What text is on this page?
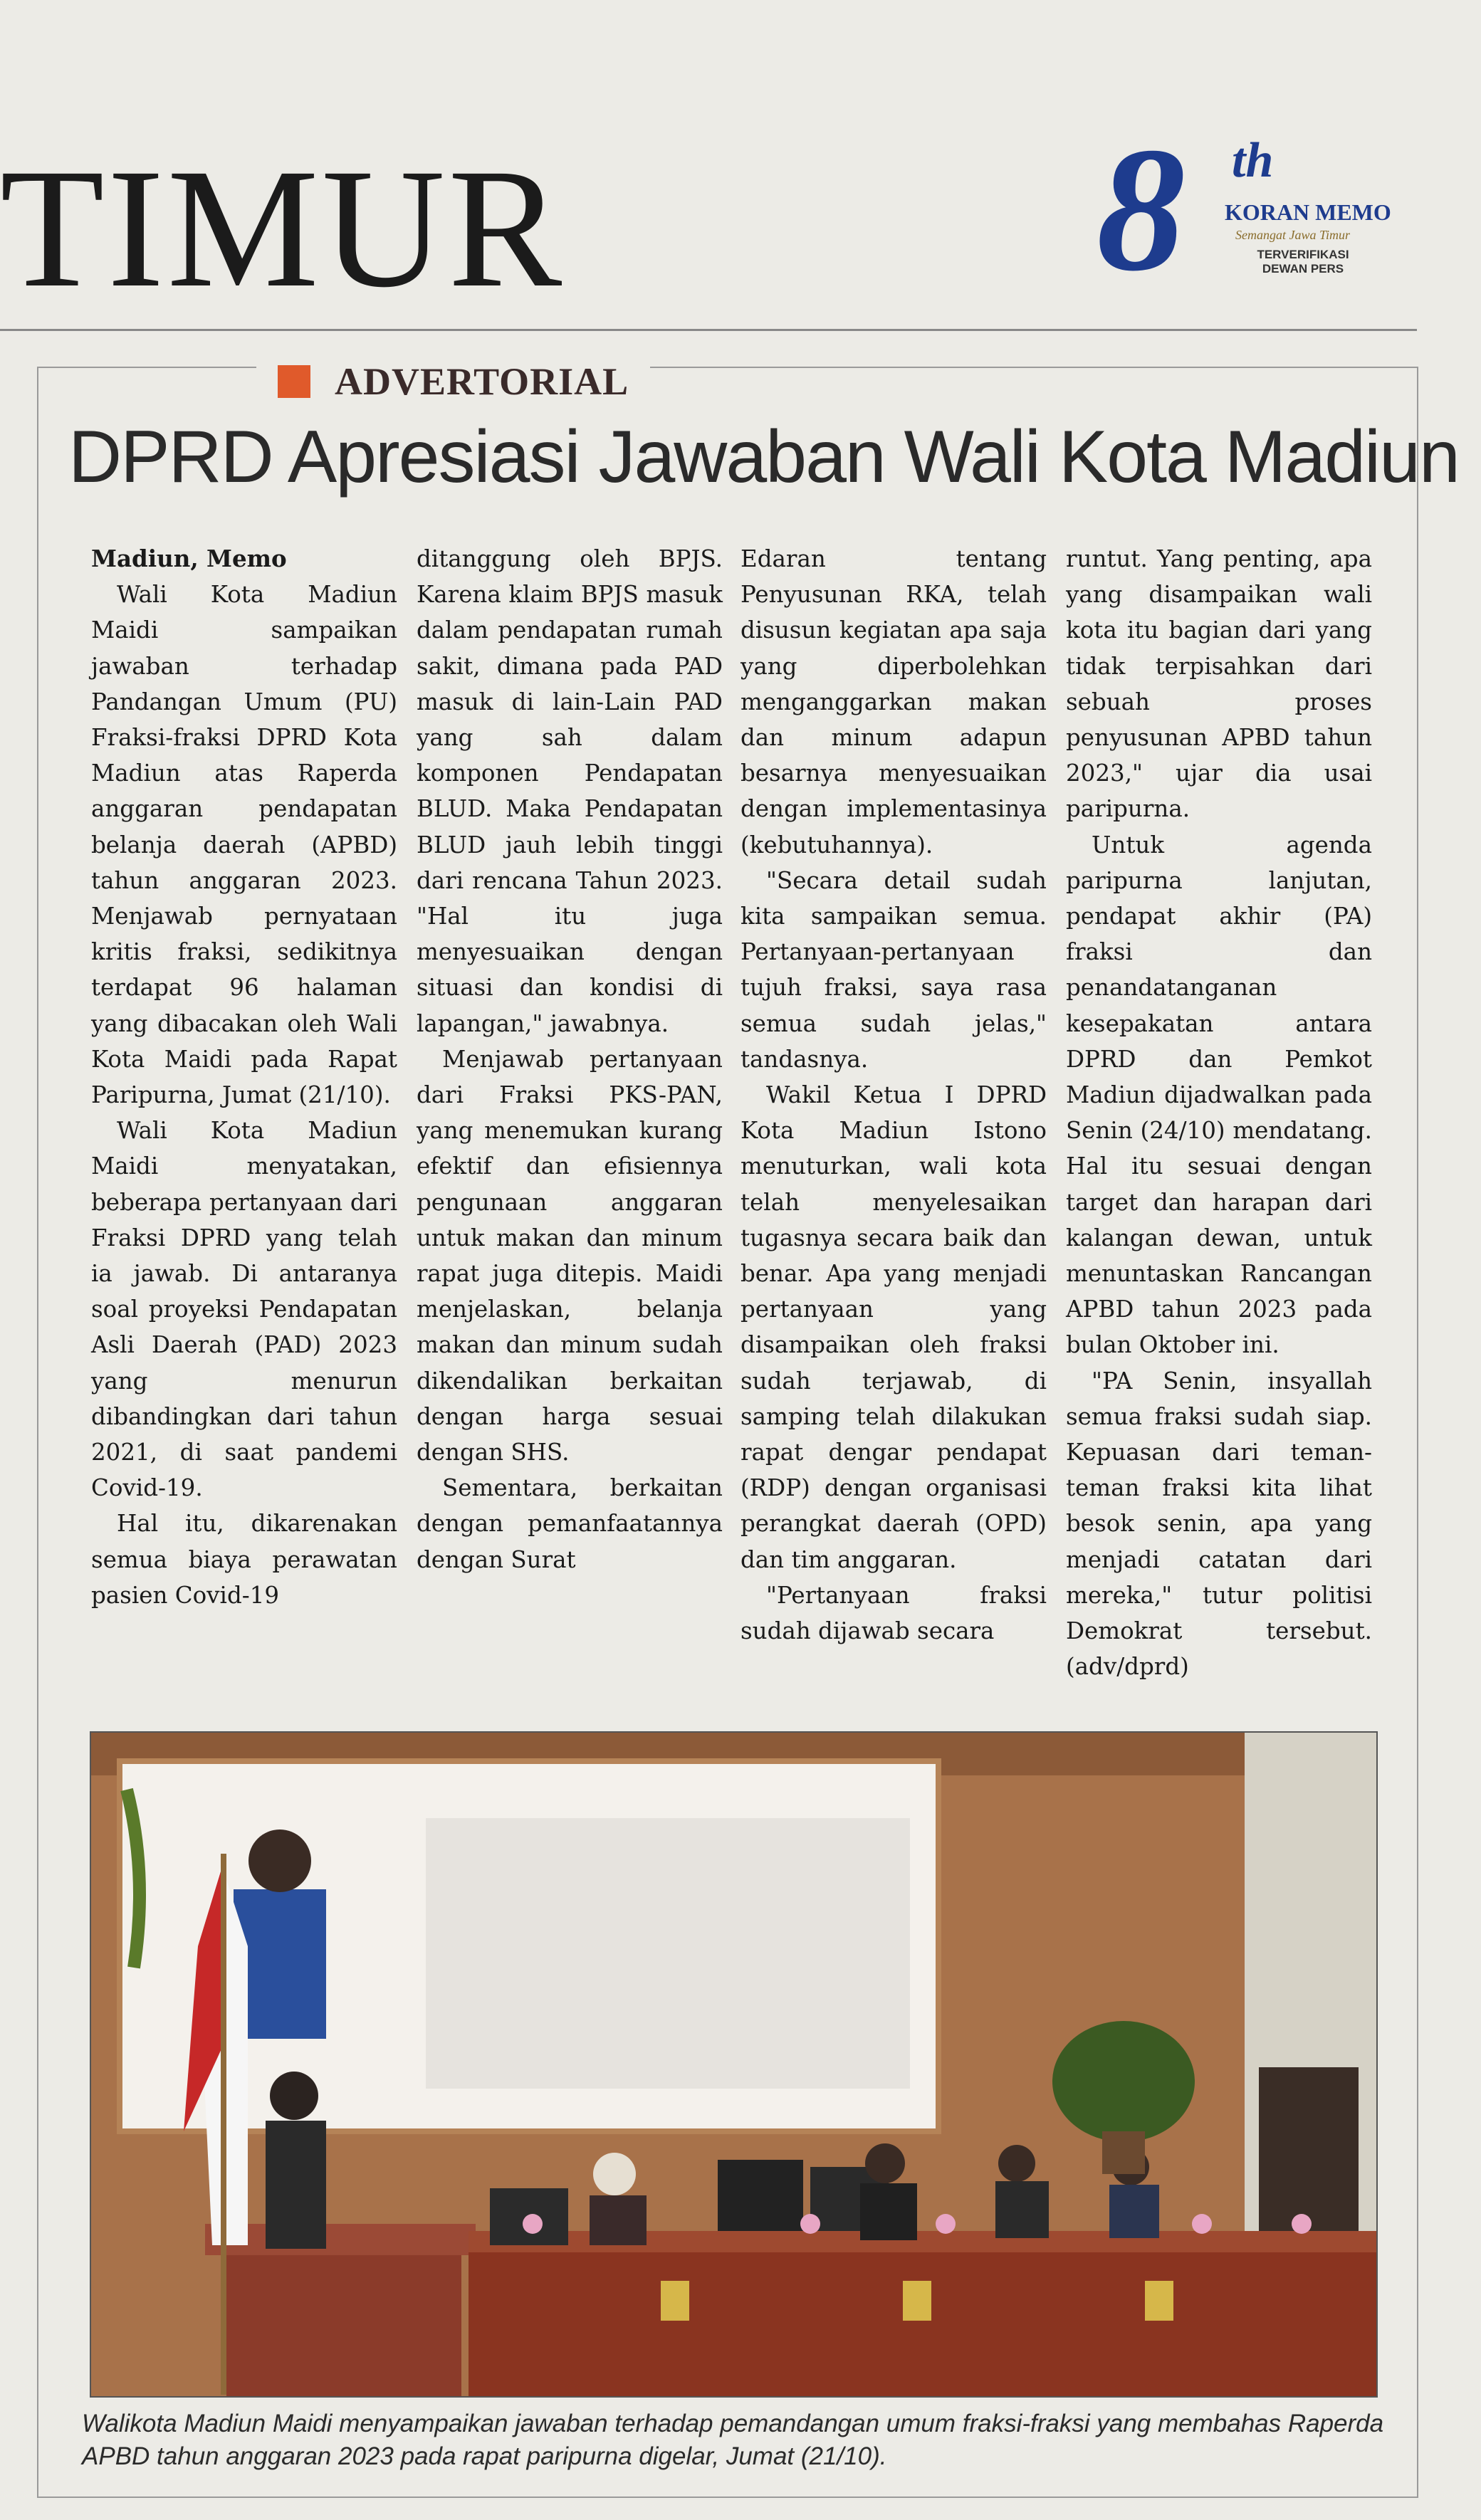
TIMUR	8 th
KORAN MEMO
Semangat Jawa Timur
TERVERIFIKASI
DEWAN PERS
ADVERTORIAL
DPRD Apresiasi Jawaban Wali Kota Madiun

Madiun, Memo

Wali Kota Madiun Maidi sampaikan jawaban terhadap Pandangan Umum (PU) Fraksi-fraksi DPRD Kota Madiun atas Raperda anggaran pendapatan belanja daerah (APBD) tahun anggaran 2023. Menjawab pernyataan kritis fraksi, sedikitnya terdapat 96 halaman yang dibacakan oleh Wali Kota Maidi pada Rapat Paripurna, Jumat (21/10).

Wali Kota Madiun Maidi menyatakan, beberapa pertanyaan dari Fraksi DPRD yang telah ia jawab. Di antaranya soal proyeksi Pendapatan Asli Daerah (PAD) 2023 yang menurun dibandingkan dari tahun 2021, di saat pandemi Covid-19.

Hal itu, dikarenakan semua biaya perawatan pasien Covid-19

ditanggung oleh BPJS. Karena klaim BPJS masuk dalam pendapatan rumah sakit, dimana pada PAD masuk di lain-Lain PAD yang sah dalam komponen Pendapatan BLUD. Maka Pendapatan BLUD jauh lebih tinggi dari rencana Tahun 2023. "Hal itu juga menyesuaikan dengan situasi dan kondisi di lapangan," jawabnya.

Menjawab pertanyaan dari Fraksi PKS-PAN, yang menemukan kurang efektif dan efisiennya pengunaan anggaran untuk makan dan minum rapat juga ditepis. Maidi menjelaskan, belanja makan dan minum sudah dikendalikan berkaitan dengan harga sesuai dengan SHS.

Sementara, berkaitan dengan pemanfaatannya dengan Surat

Edaran tentang Penyusunan RKA, telah disusun kegiatan apa saja yang diperbolehkan menganggarkan makan dan minum adapun besarnya menyesuaikan dengan implementasinya (kebutuhannya).

"Secara detail sudah kita sampaikan semua. Pertanyaan-pertanyaan tujuh fraksi, saya rasa semua sudah jelas," tandasnya.

Wakil Ketua I DPRD Kota Madiun Istono menuturkan, wali kota telah menyelesaikan tugasnya secara baik dan benar. Apa yang menjadi pertanyaan yang disampaikan oleh fraksi sudah terjawab, di samping telah dilakukan rapat dengar pendapat (RDP) dengan organisasi perangkat daerah (OPD) dan tim anggaran.

"Pertanyaan fraksi sudah dijawab secara

runtut. Yang penting, apa yang disampaikan wali kota itu bagian dari yang tidak terpisahkan dari sebuah proses penyusunan APBD tahun 2023," ujar dia usai paripurna.

Untuk agenda paripurna lanjutan, pendapat akhir (PA) fraksi dan penandatanganan kesepakatan antara DPRD dan Pemkot Madiun dijadwalkan pada Senin (24/10) mendatang. Hal itu sesuai dengan target dan harapan dari kalangan dewan, untuk menuntaskan Rancangan APBD tahun 2023 pada bulan Oktober ini.

"PA Senin, insyallah semua fraksi sudah siap. Kepuasan dari teman-teman fraksi kita lihat besok senin, apa yang menjadi catatan dari mereka," tutur politisi Demokrat tersebut. (adv/dprd)

Walikota Madiun Maidi menyampaikan jawaban terhadap pemandangan umum fraksi-fraksi yang membahas Raperda APBD tahun anggaran 2023 pada rapat paripurna digelar, Jumat (21/10).
